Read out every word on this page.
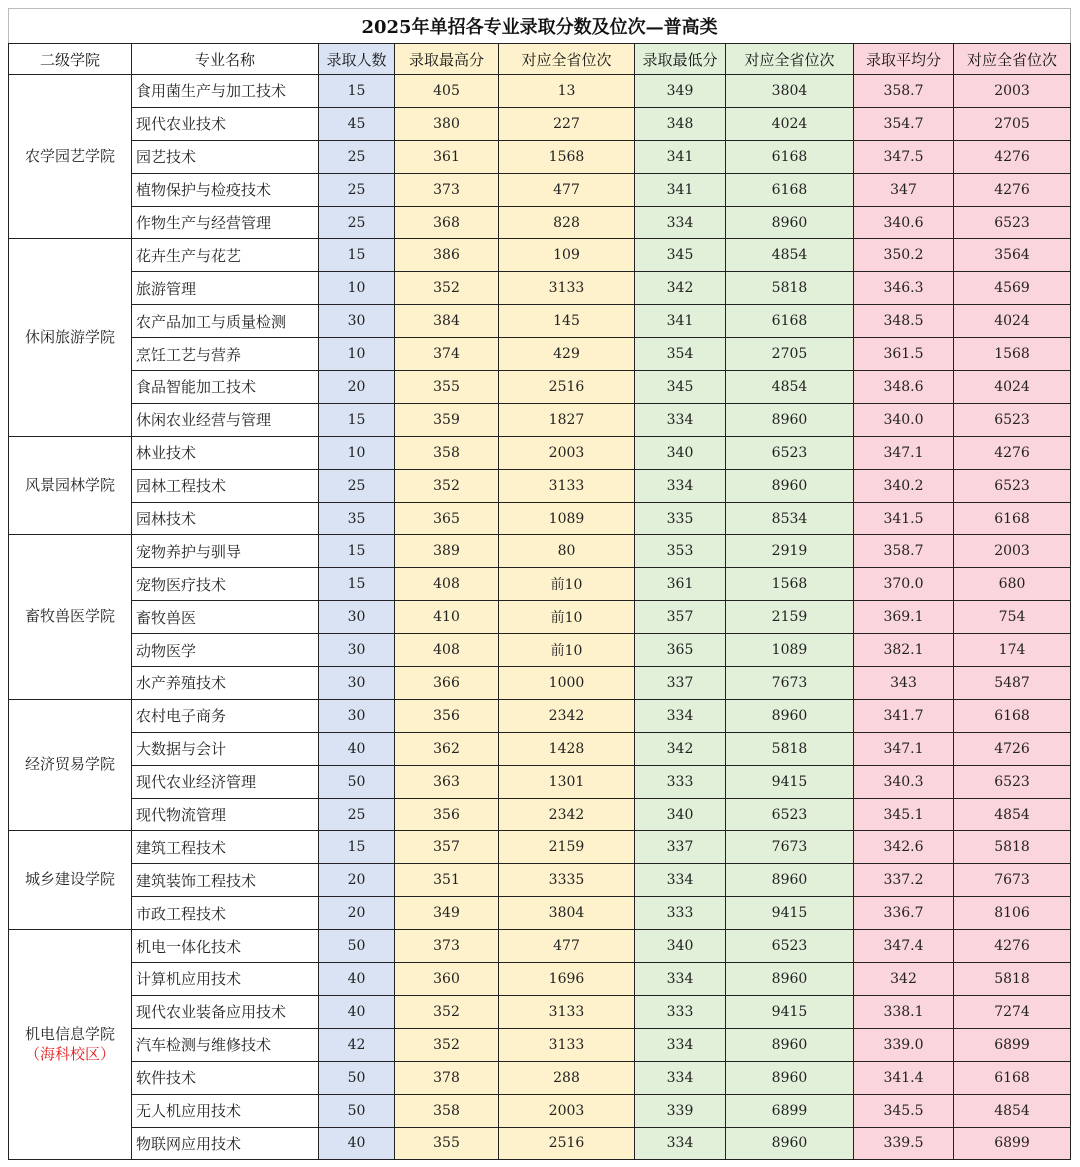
2025年单招各专业录取分数及位次—普高类								
二级学院	专业名称	录取人数	录取最高分	对应全省位次	录取最低分	对应全省位次	录取平均分	对应全省位次
农学园艺学院	食用菌生产与加工技术	15	405	13	349	3804	358.7	2003
	现代农业技术	45	380	227	348	4024	354.7	2705
	园艺技术	25	361	1568	341	6168	347.5	4276
	植物保护与检疫技术	25	373	477	341	6168	347	4276
	作物生产与经营管理	25	368	828	334	8960	340.6	6523
休闲旅游学院	花卉生产与花艺	15	386	109	345	4854	350.2	3564
	旅游管理	10	352	3133	342	5818	346.3	4569
	农产品加工与质量检测	30	384	145	341	6168	348.5	4024
	烹饪工艺与营养	10	374	429	354	2705	361.5	1568
	食品智能加工技术	20	355	2516	345	4854	348.6	4024
	休闲农业经营与管理	15	359	1827	334	8960	340.0	6523
风景园林学院	林业技术	10	358	2003	340	6523	347.1	4276
	园林工程技术	25	352	3133	334	8960	340.2	6523
	园林技术	35	365	1089	335	8534	341.5	6168
畜牧兽医学院	宠物养护与驯导	15	389	80	353	2919	358.7	2003
	宠物医疗技术	15	408	前10	361	1568	370.0	680
	畜牧兽医	30	410	前10	357	2159	369.1	754
	动物医学	30	408	前10	365	1089	382.1	174
	水产养殖技术	30	366	1000	337	7673	343	5487
经济贸易学院	农村电子商务	30	356	2342	334	8960	341.7	6168
	大数据与会计	40	362	1428	342	5818	347.1	4726
	现代农业经济管理	50	363	1301	333	9415	340.3	6523
	现代物流管理	25	356	2342	340	6523	345.1	4854
城乡建设学院	建筑工程技术	15	357	2159	337	7673	342.6	5818
	建筑装饰工程技术	20	351	3335	334	8960	337.2	7673
	市政工程技术	20	349	3804	333	9415	336.7	8106
机电信息学院
（海科校区）	机电一体化技术	50	373	477	340	6523	347.4	4276
	计算机应用技术	40	360	1696	334	8960	342	5818
	现代农业装备应用技术	40	352	3133	333	9415	338.1	7274
	汽车检测与维修技术	42	352	3133	334	8960	339.0	6899
	软件技术	50	378	288	334	8960	341.4	6168
	无人机应用技术	50	358	2003	339	6899	345.5	4854
	物联网应用技术	40	355	2516	334	8960	339.5	6899
